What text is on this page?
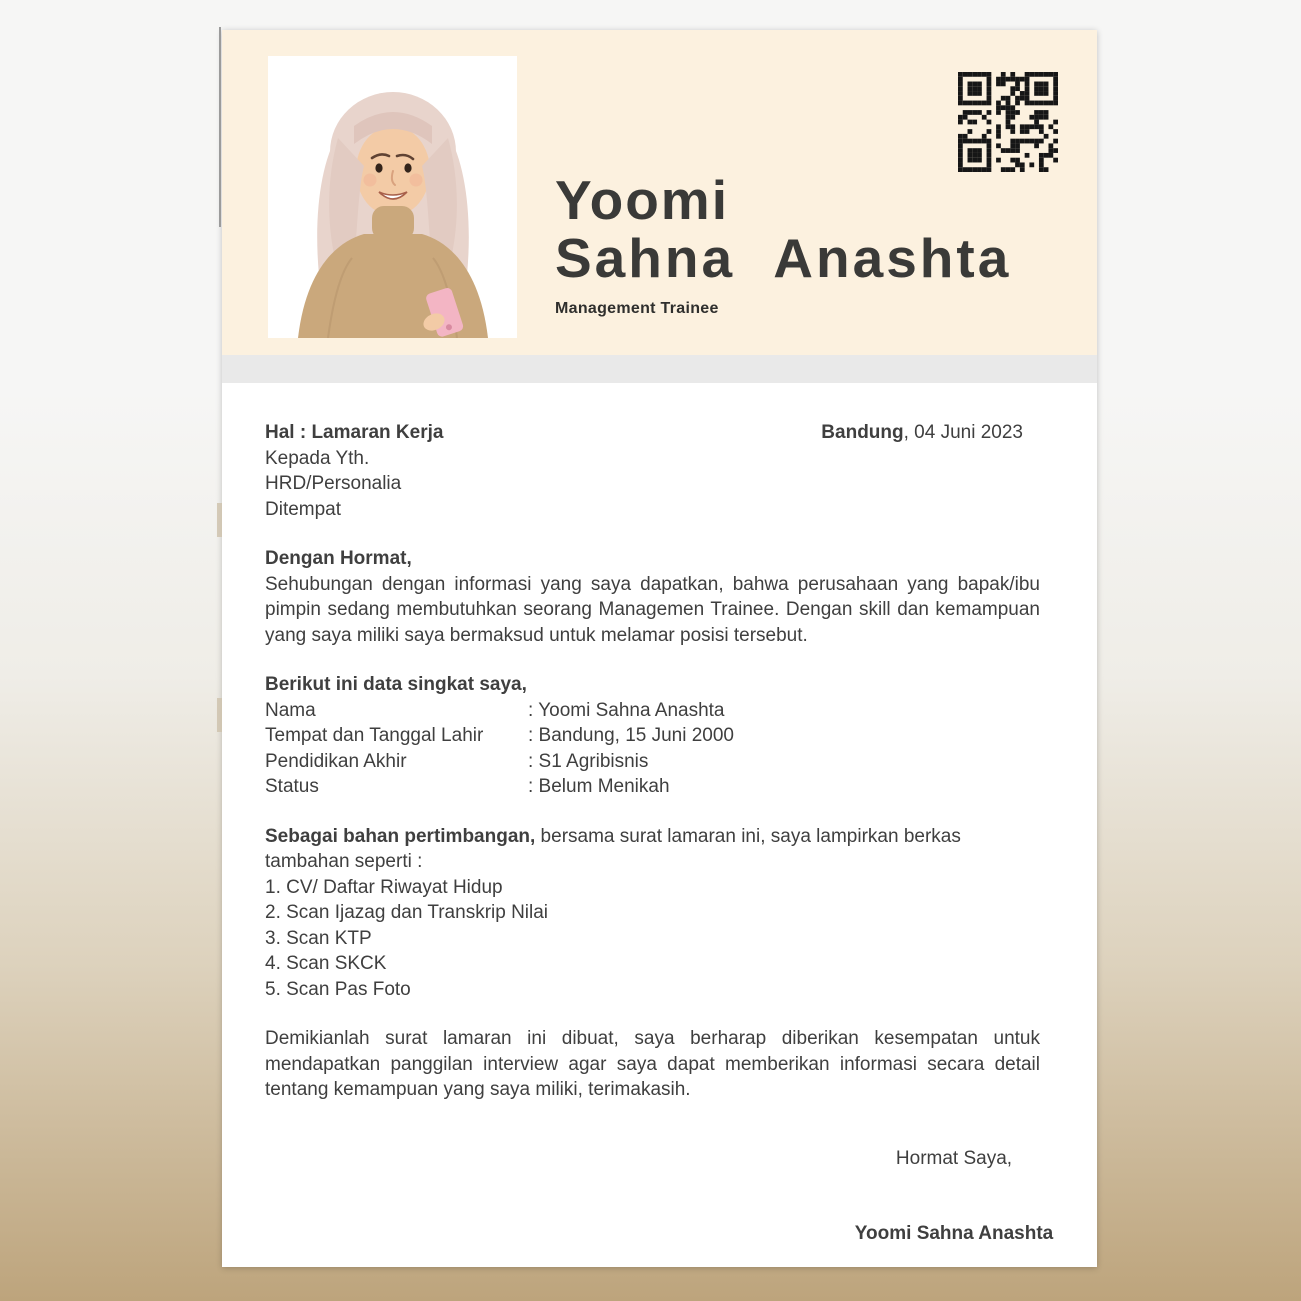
Yoomi
Sahna Anashta
Management Trainee
Hal : Lamaran Kerja	Bandung, 04 Juni 2023
Kepada Yth.
HRD/Personalia
Ditempat
Dengan Hormat,

Sehubungan dengan informasi yang saya dapatkan, bahwa perusahaan yang bapak/ibu pimpin sedang membutuhkan seorang Managemen Trainee. Dengan skill dan kemampuan yang saya miliki saya bermaksud untuk melamar posisi tersebut.

Berikut ini data singkat saya,
Nama	: Yoomi Sahna Anashta
Tempat dan Tanggal Lahir	: Bandung, 15 Juni 2000
Pendidikan Akhir	: S1 Agribisnis
Status	: Belum Menikah
Sebagai bahan pertimbangan, bersama surat lamaran ini, saya lampirkan berkas tambahan seperti :
1. CV/ Daftar Riwayat Hidup
2. Scan Ijazag dan Transkrip Nilai
3. Scan KTP
4. Scan SKCK
5. Scan Pas Foto

Demikianlah surat lamaran ini dibuat, saya berharap diberikan kesempatan untuk mendapatkan panggilan interview agar saya dapat memberikan informasi secara detail tentang kemampuan yang saya miliki, terimakasih.

Hormat Saya,
Yoomi Sahna Anashta
